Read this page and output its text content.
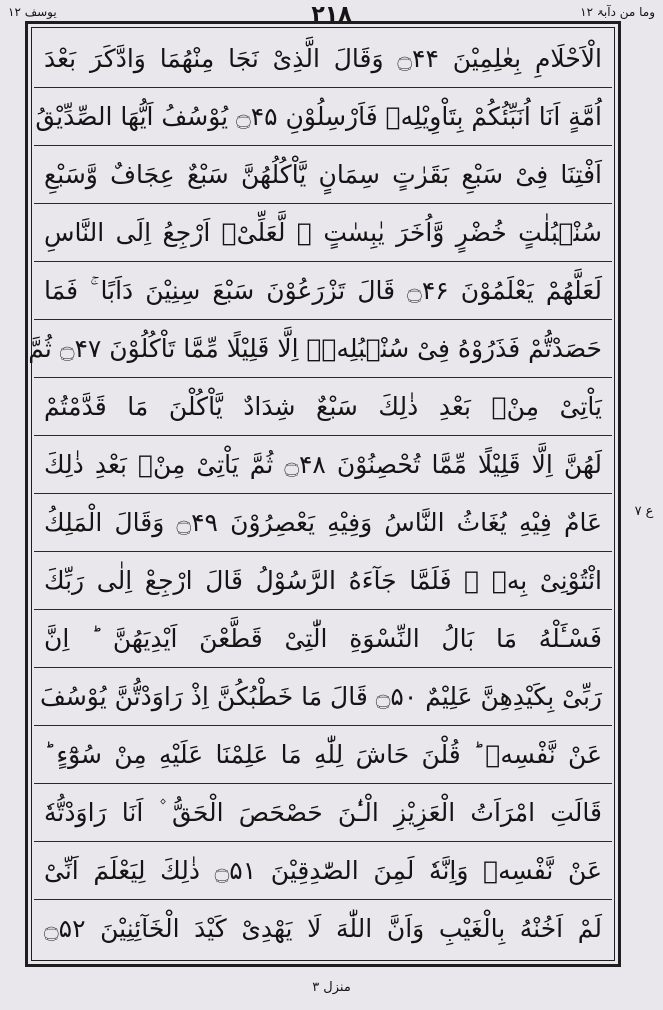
یوسف ۱۲	۲۱۸	وما من دآبۃ ۱۲
الْاَحْلَامِ بِعٰلِمِیْنَ ۝۴۴ وَقَالَ الَّذِیْ نَجَا مِنْهُمَا وَادَّكَرَ بَعْدَ
اُمَّةٍ اَنَا اُنَبِّئُكُمْ بِتَاْوِیْلِهٖ فَاَرْسِلُوْنِ ۝۴۵ یُوْسُفُ اَیُّهَا الصِّدِّیْقُ
اَفْتِنَا فِیْ سَبْعِ بَقَرٰتٍ سِمَانٍ یَّاْكُلُهُنَّ سَبْعٌ عِجَافٌ وَّسَبْعِ
سُنْۢبُلٰتٍ خُضْرٍ وَّاُخَرَ یٰبِسٰتٍ ۙ لَّعَلِّیْۤ اَرْجِعُ اِلَى النَّاسِ
لَعَلَّهُمْ یَعْلَمُوْنَ ۝۴۶ قَالَ تَزْرَعُوْنَ سَبْعَ سِنِیْنَ دَاَبًا ۚ فَمَا
حَصَدْتُّمْ فَذَرُوْهُ فِیْ سُنْۢبُلِهٖۤ اِلَّا قَلِیْلًا مِّمَّا تَاْكُلُوْنَ ۝۴۷ ثُمَّ
یَاْتِیْ مِنْۢ بَعْدِ ذٰلِكَ سَبْعٌ شِدَادٌ یَّاْكُلْنَ مَا قَدَّمْتُمْ
لَهُنَّ اِلَّا قَلِیْلًا مِّمَّا تُحْصِنُوْنَ ۝۴۸ ثُمَّ یَاْتِیْ مِنْۢ بَعْدِ ذٰلِكَ
عَامٌ فِیْهِ یُغَاثُ النَّاسُ وَفِیْهِ یَعْصِرُوْنَ ۝۴۹ وَقَالَ الْمَلِكُ
ائْتُوْنِیْ بِهٖ ۚ فَلَمَّا جَآءَهُ الرَّسُوْلُ قَالَ ارْجِعْ اِلٰى رَبِّكَ
فَسْـَٔلْهُ مَا بَالُ النِّسْوَةِ الّٰتِیْ قَطَّعْنَ اَیْدِیَهُنَّ ؕ اِنَّ
رَبِّیْ بِكَیْدِهِنَّ عَلِیْمٌ ۝۵۰ قَالَ مَا خَطْبُكُنَّ اِذْ رَاوَدْتُّنَّ یُوْسُفَ
عَنْ نَّفْسِهٖ ؕ قُلْنَ حَاشَ لِلّٰهِ مَا عَلِمْنَا عَلَیْهِ مِنْ سُوْٓءٍ ؕ
قَالَتِ امْرَاَتُ الْعَزِیْزِ الْـٰٔنَ حَصْحَصَ الْحَقُّ ۫ اَنَا رَاوَدْتُّهٗ
عَنْ نَّفْسِهٖ وَاِنَّهٗ لَمِنَ الصّٰدِقِیْنَ ۝۵۱ ذٰلِكَ لِیَعْلَمَ اَنِّیْ
لَمْ اَخُنْهُ بِالْغَیْبِ وَاَنَّ اللّٰهَ لَا یَهْدِیْ كَیْدَ الْخَآئِنِیْنَ ۝۵۲
ع ۷
منزل ۳
